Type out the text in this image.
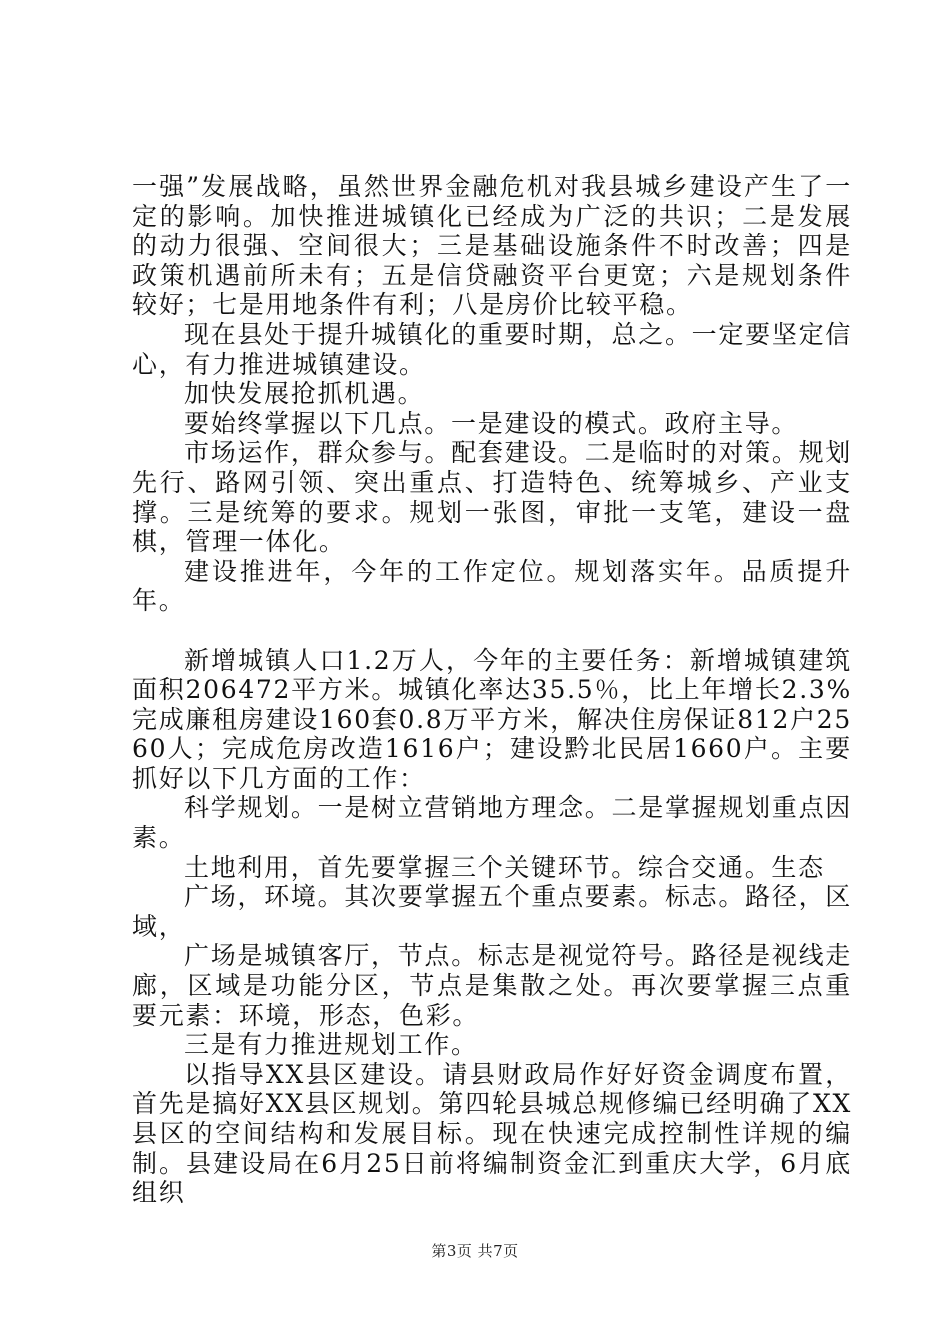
一强”发展战略，虽然世界金融危机对我县城乡建设产生了一定的影响。加快推进城镇化已经成为广泛的共识；二是发展的动力很强、空间很大；三是基础设施条件不时改善；四是政策机遇前所未有；五是信贷融资平台更宽；六是规划条件较好；七是用地条件有利；八是房价比较平稳。

现在县处于提升城镇化的重要时期，总之。一定要坚定信心，有力推进城镇建设。

加快发展抢抓机遇。

要始终掌握以下几点。一是建设的模式。政府主导。

市场运作，群众参与。配套建设。二是临时的对策。规划先行、路网引领、突出重点、打造特色、统筹城乡、产业支撑。三是统筹的要求。规划一张图，审批一支笔，建设一盘棋，管理一体化。

建设推进年，今年的工作定位。规划落实年。品质提升年。

新增城镇人口1.2万人，今年的主要任务：新增城镇建筑面积206472平方米。城镇化率达35.5％，比上年增长2.3%完成廉租房建设160套0.8万平方米，解决住房保证812户2560人；完成危房改造1616户；建设黔北民居1660户。主要抓好以下几方面的工作：

科学规划。一是树立营销地方理念。二是掌握规划重点因素。

土地利用，首先要掌握三个关键环节。综合交通。生态

广场，环境。其次要掌握五个重点要素。标志。路径，区域，

广场是城镇客厅，节点。标志是视觉符号。路径是视线走廊，区域是功能分区，节点是集散之处。再次要掌握三点重要元素：环境，形态，色彩。

三是有力推进规划工作。

以指导XX县区建设。请县财政局作好好资金调度布置，首先是搞好XX县区规划。第四轮县城总规修编已经明确了XX县区的空间结构和发展目标。现在快速完成控制性详规的编制。县建设局在6月25日前将编制资金汇到重庆大学，6月底组织

第3页 共7页
